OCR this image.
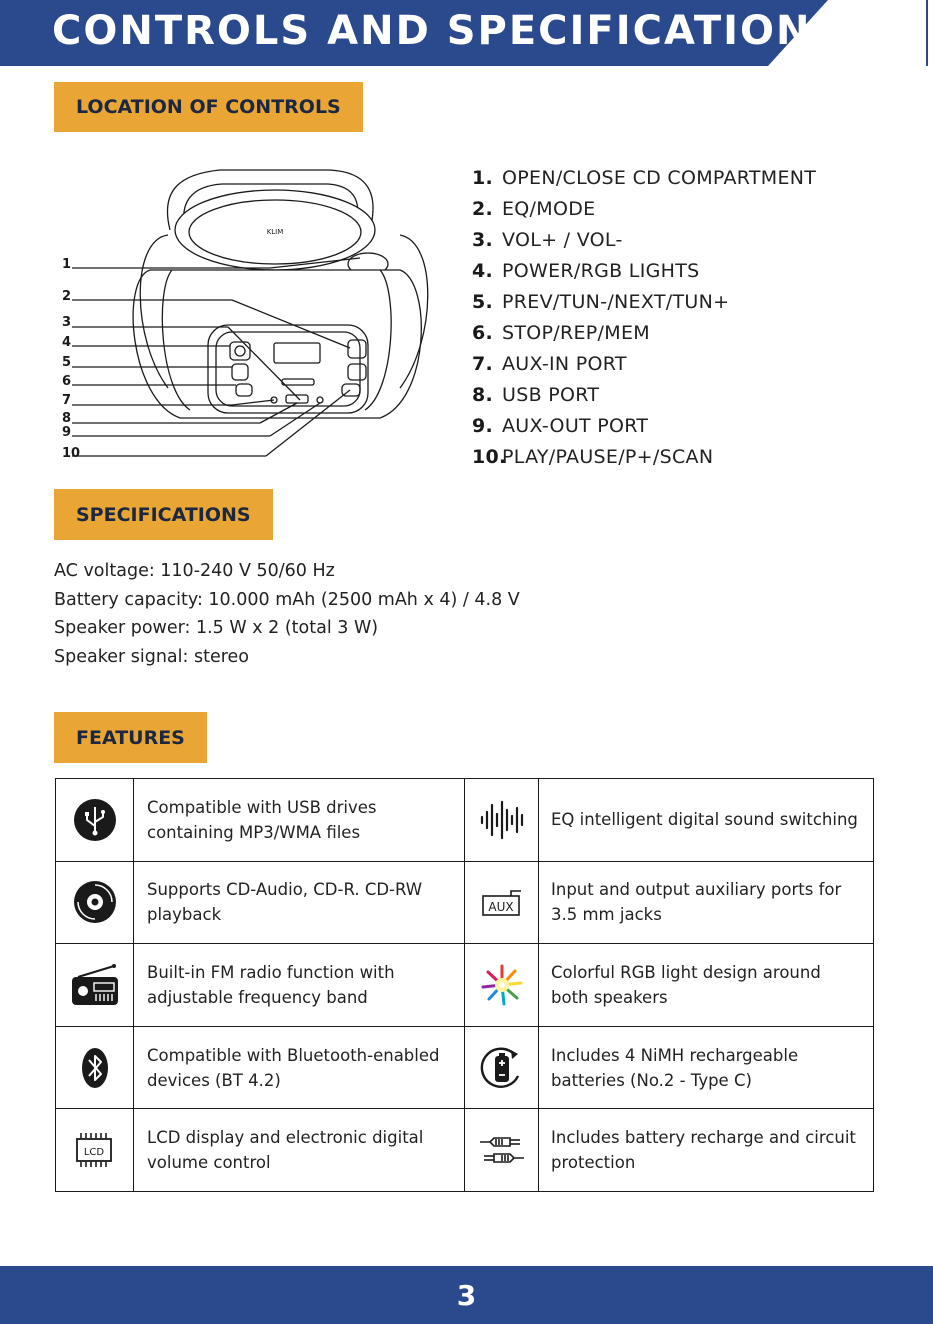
CONTROLS AND SPECIFICATIONS
LOCATION OF CONTROLS
KLIM
1
2
3
4
5
6
7
8
9
10
1. OPEN/CLOSE CD COMPARTMENT
2. EQ/MODE
3. VOL+ / VOL-
4. POWER/RGB LIGHTS
5. PREV/TUN-/NEXT/TUN+
6. STOP/REP/MEM
7. AUX-IN PORT
8. USB PORT
9. AUX-OUT PORT
10.
PLAY/PAUSE/P+/SCAN
SPECIFICATIONS
AC voltage: 110-240 V 50/60 Hz
Battery capacity: 10.000 mAh (2500 mAh x 4) / 4.8 V
Speaker power: 1.5 W x 2 (total 3 W)
Speaker signal: stereo
FEATURES
	Compatible with USB drives containing MP3/WMA files		EQ intelligent digital sound switching
	Supports CD-Audio, CD-R. CD-RW playback	AUX	Input and output auxiliary ports for 3.5 mm jacks
	Built-in FM radio function with adjustable frequency band		Colorful RGB light design around both speakers
	Compatible with Bluetooth-enabled devices (BT 4.2)		Includes 4 NiMH rechargeable batteries (No.2 - Type C)

LCD	LCD display and electronic digital volume control		Includes battery recharge and circuit protection
3
